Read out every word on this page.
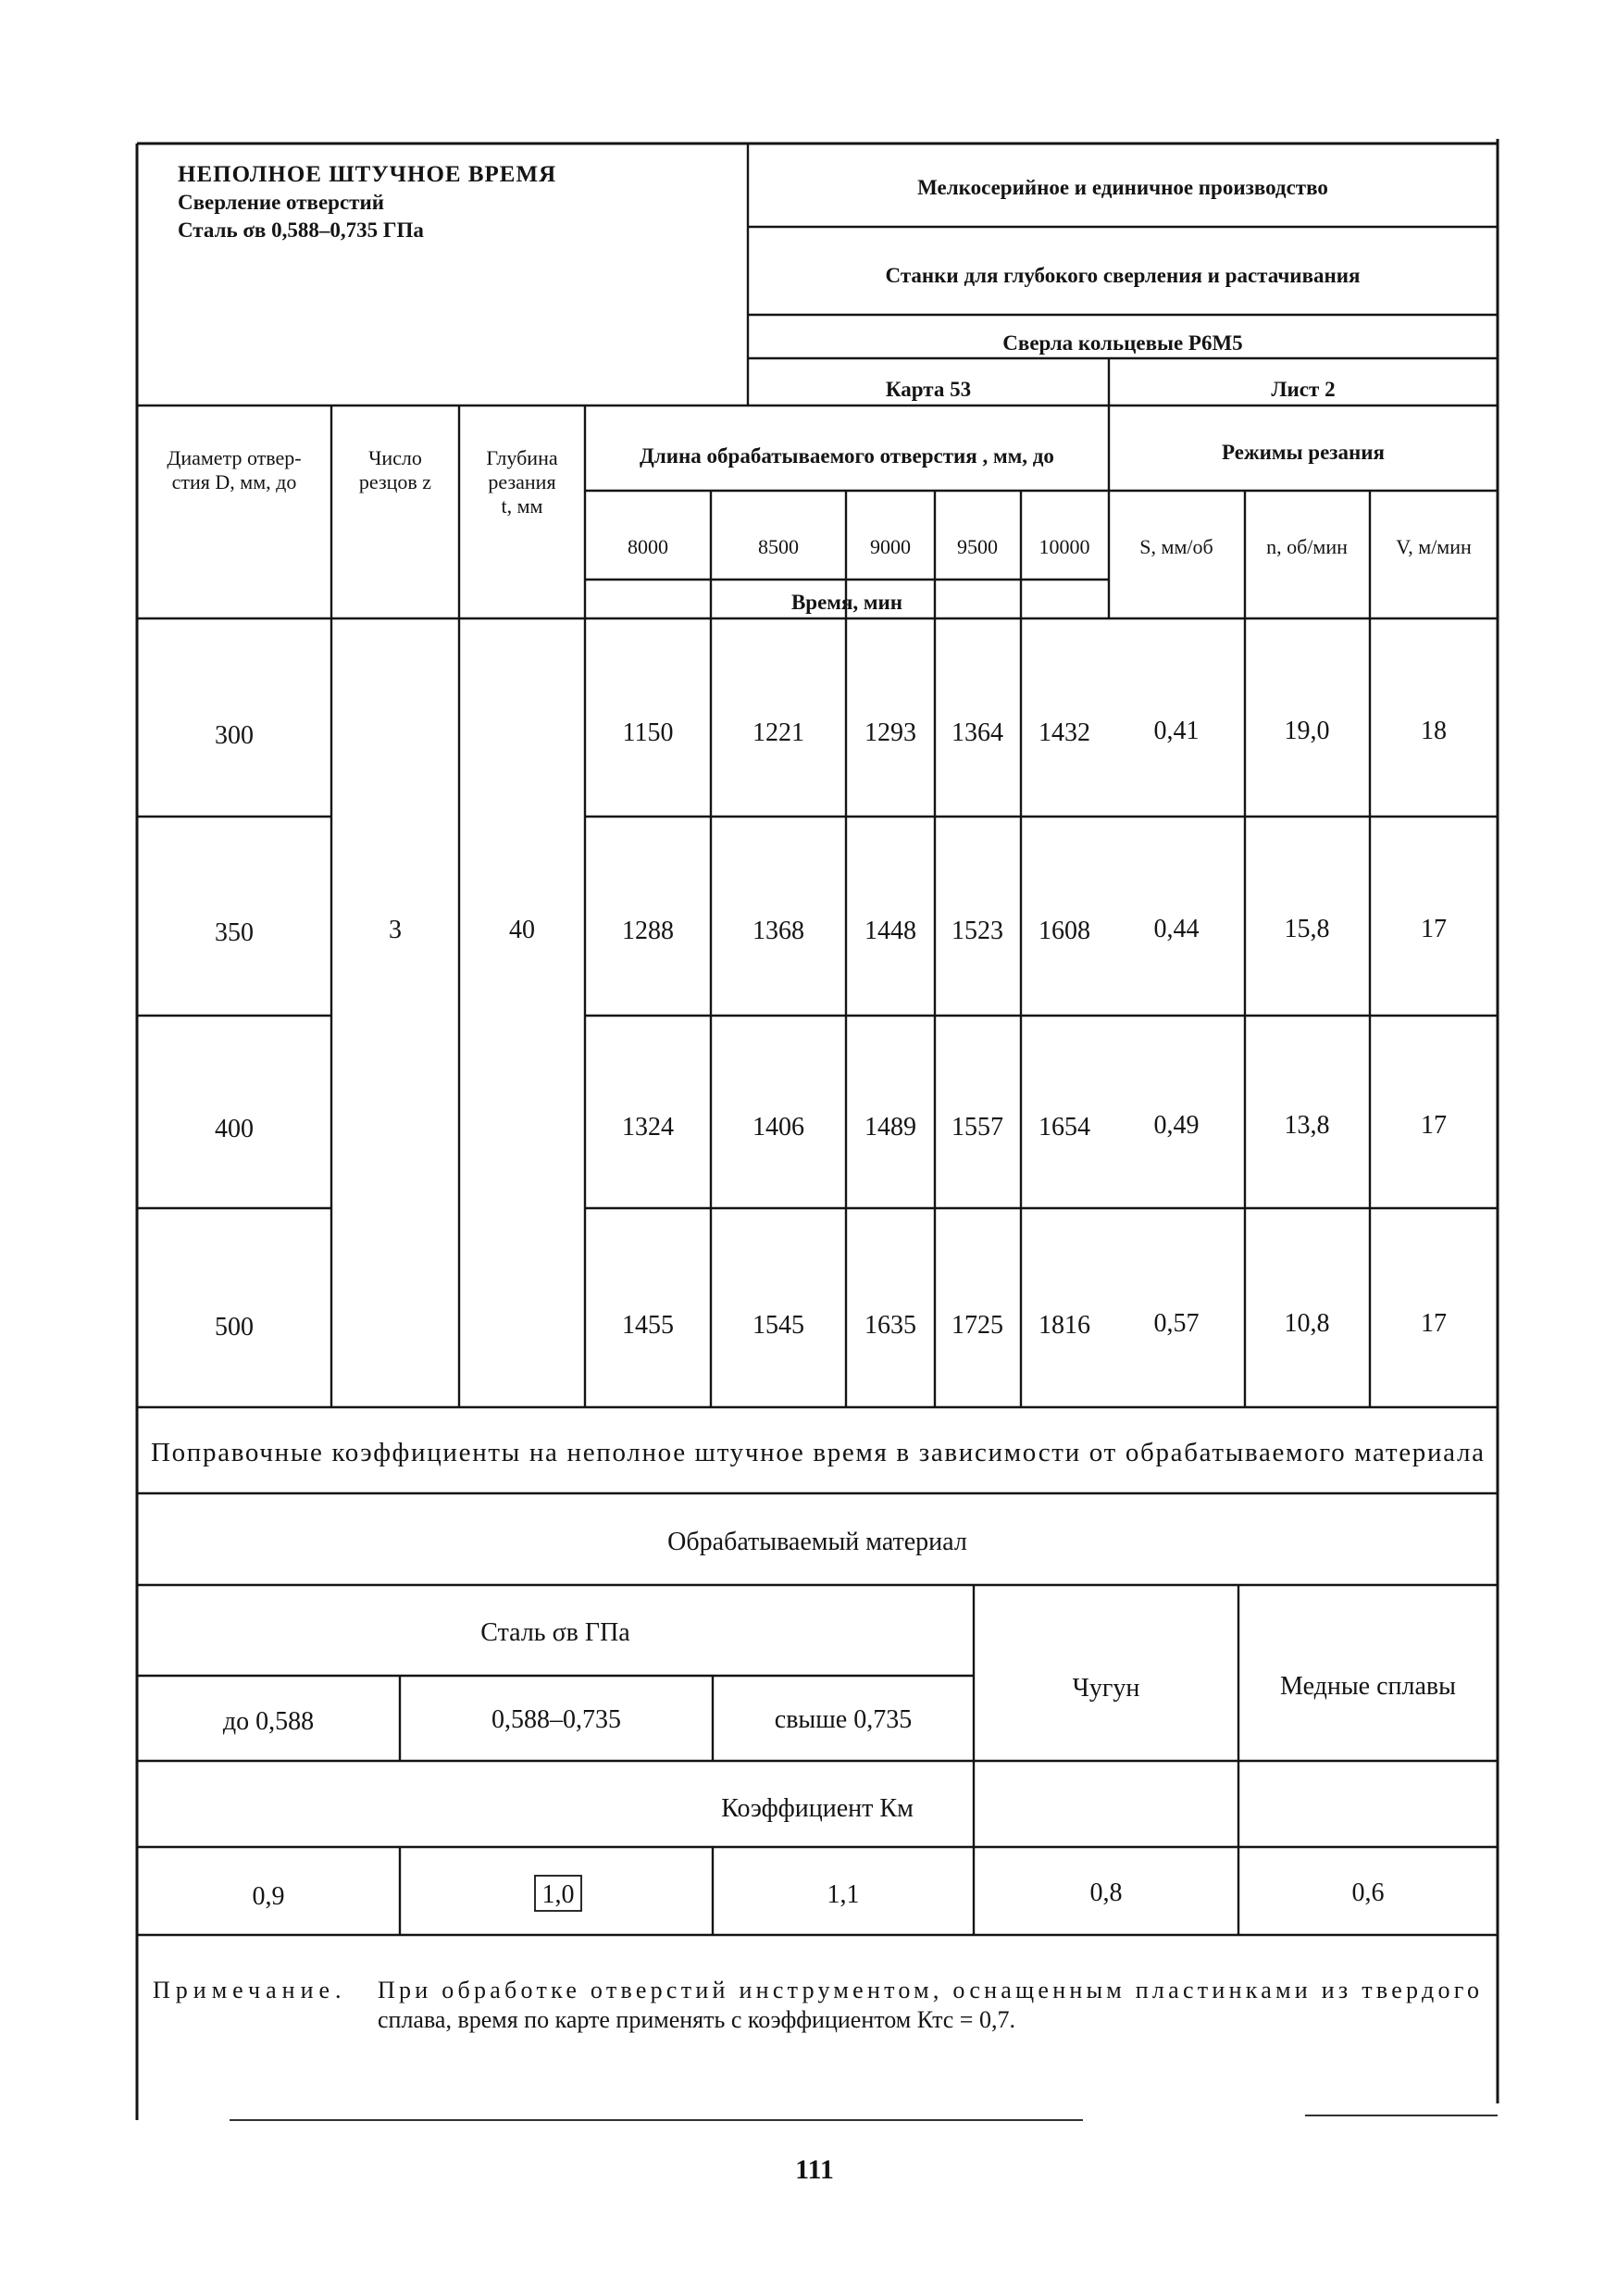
НЕПОЛНОЕ ШТУЧНОЕ ВРЕМЯ
Сверление отверстий
Сталь σв 0,588–0,735 ГПа
Мелкосерийное и единичное производство
Станки для глубокого сверления и растачивания
Сверла кольцевые Р6М5
Карта 53	Лист 2
Диаметр отвер-
стия D, мм, до
Число
резцов z
Глубина
резания
t, мм
Длина обрабатываемого отверстия , мм, до	Режимы резания
8000	8500	9000 9500 10000
Время, мин
S, мм/об	n, об/мин V, м/мин
3	40
300	1150	1221 1293 1364 1432 0,41	19,0	18
350	1288	1368 1448 1523 1608 0,44	15,8	17
400	1324	1406 1489 1557 1654 0,49	13,8	17
500	1455	1545 1635 1725 1816 0,57	10,8	17
Поправочные коэффициенты на неполное штучное время в зависимости от обрабатываемого материала
Обрабатываемый материал
Сталь σв ГПа
до 0,588	0,588–0,735	свыше 0,735
Чугун	Медные сплавы
Коэффициент Км
0,9	1,0	1,1	0,8	0,6
Примечание. При обработке отверстий инструментом, оснащенным пластинками из твердого
сплава, время по карте применять с коэффициентом Ктс = 0,7.
111
